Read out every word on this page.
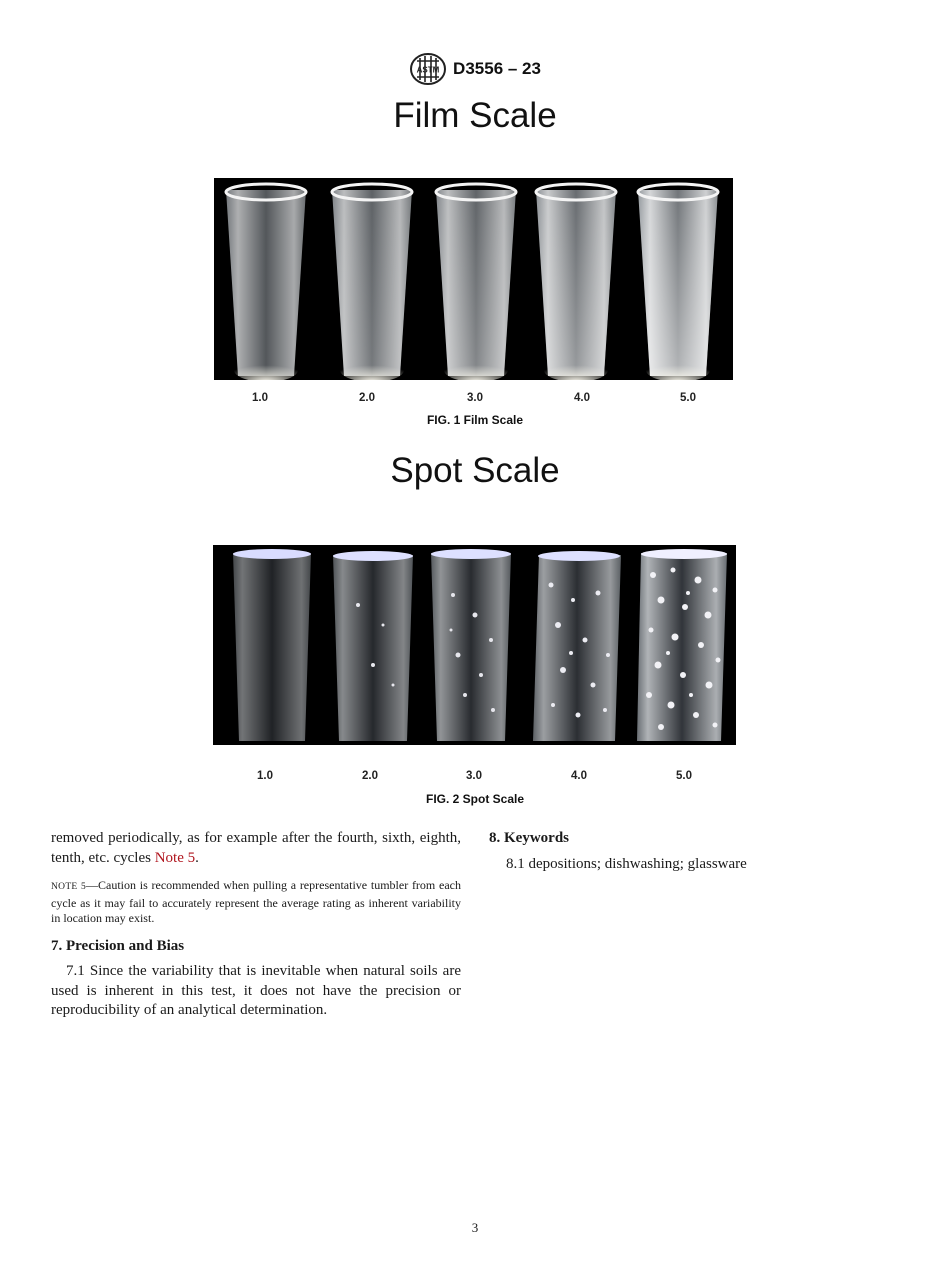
ASTM D3556 – 23
Film Scale
1.0	2.0	3.0	4.0	5.0
FIG. 1 Film Scale
Spot Scale
1.0	2.0	3.0	4.0	5.0
FIG. 2 Spot Scale
removed periodically, as for example after the fourth, sixth, eighth, tenth, etc. cycles Note 5.
NOTE 5—Caution is recommended when pulling a representative tumbler from each cycle as it may fail to accurately represent the average rating as inherent variability in location may exist.
7. Precision and Bias
7.1 Since the variability that is inevitable when natural soils are used is inherent in this test, it does not have the precision or reproducibility of an analytical determination.
8. Keywords
8.1 depositions; dishwashing; glassware
3
